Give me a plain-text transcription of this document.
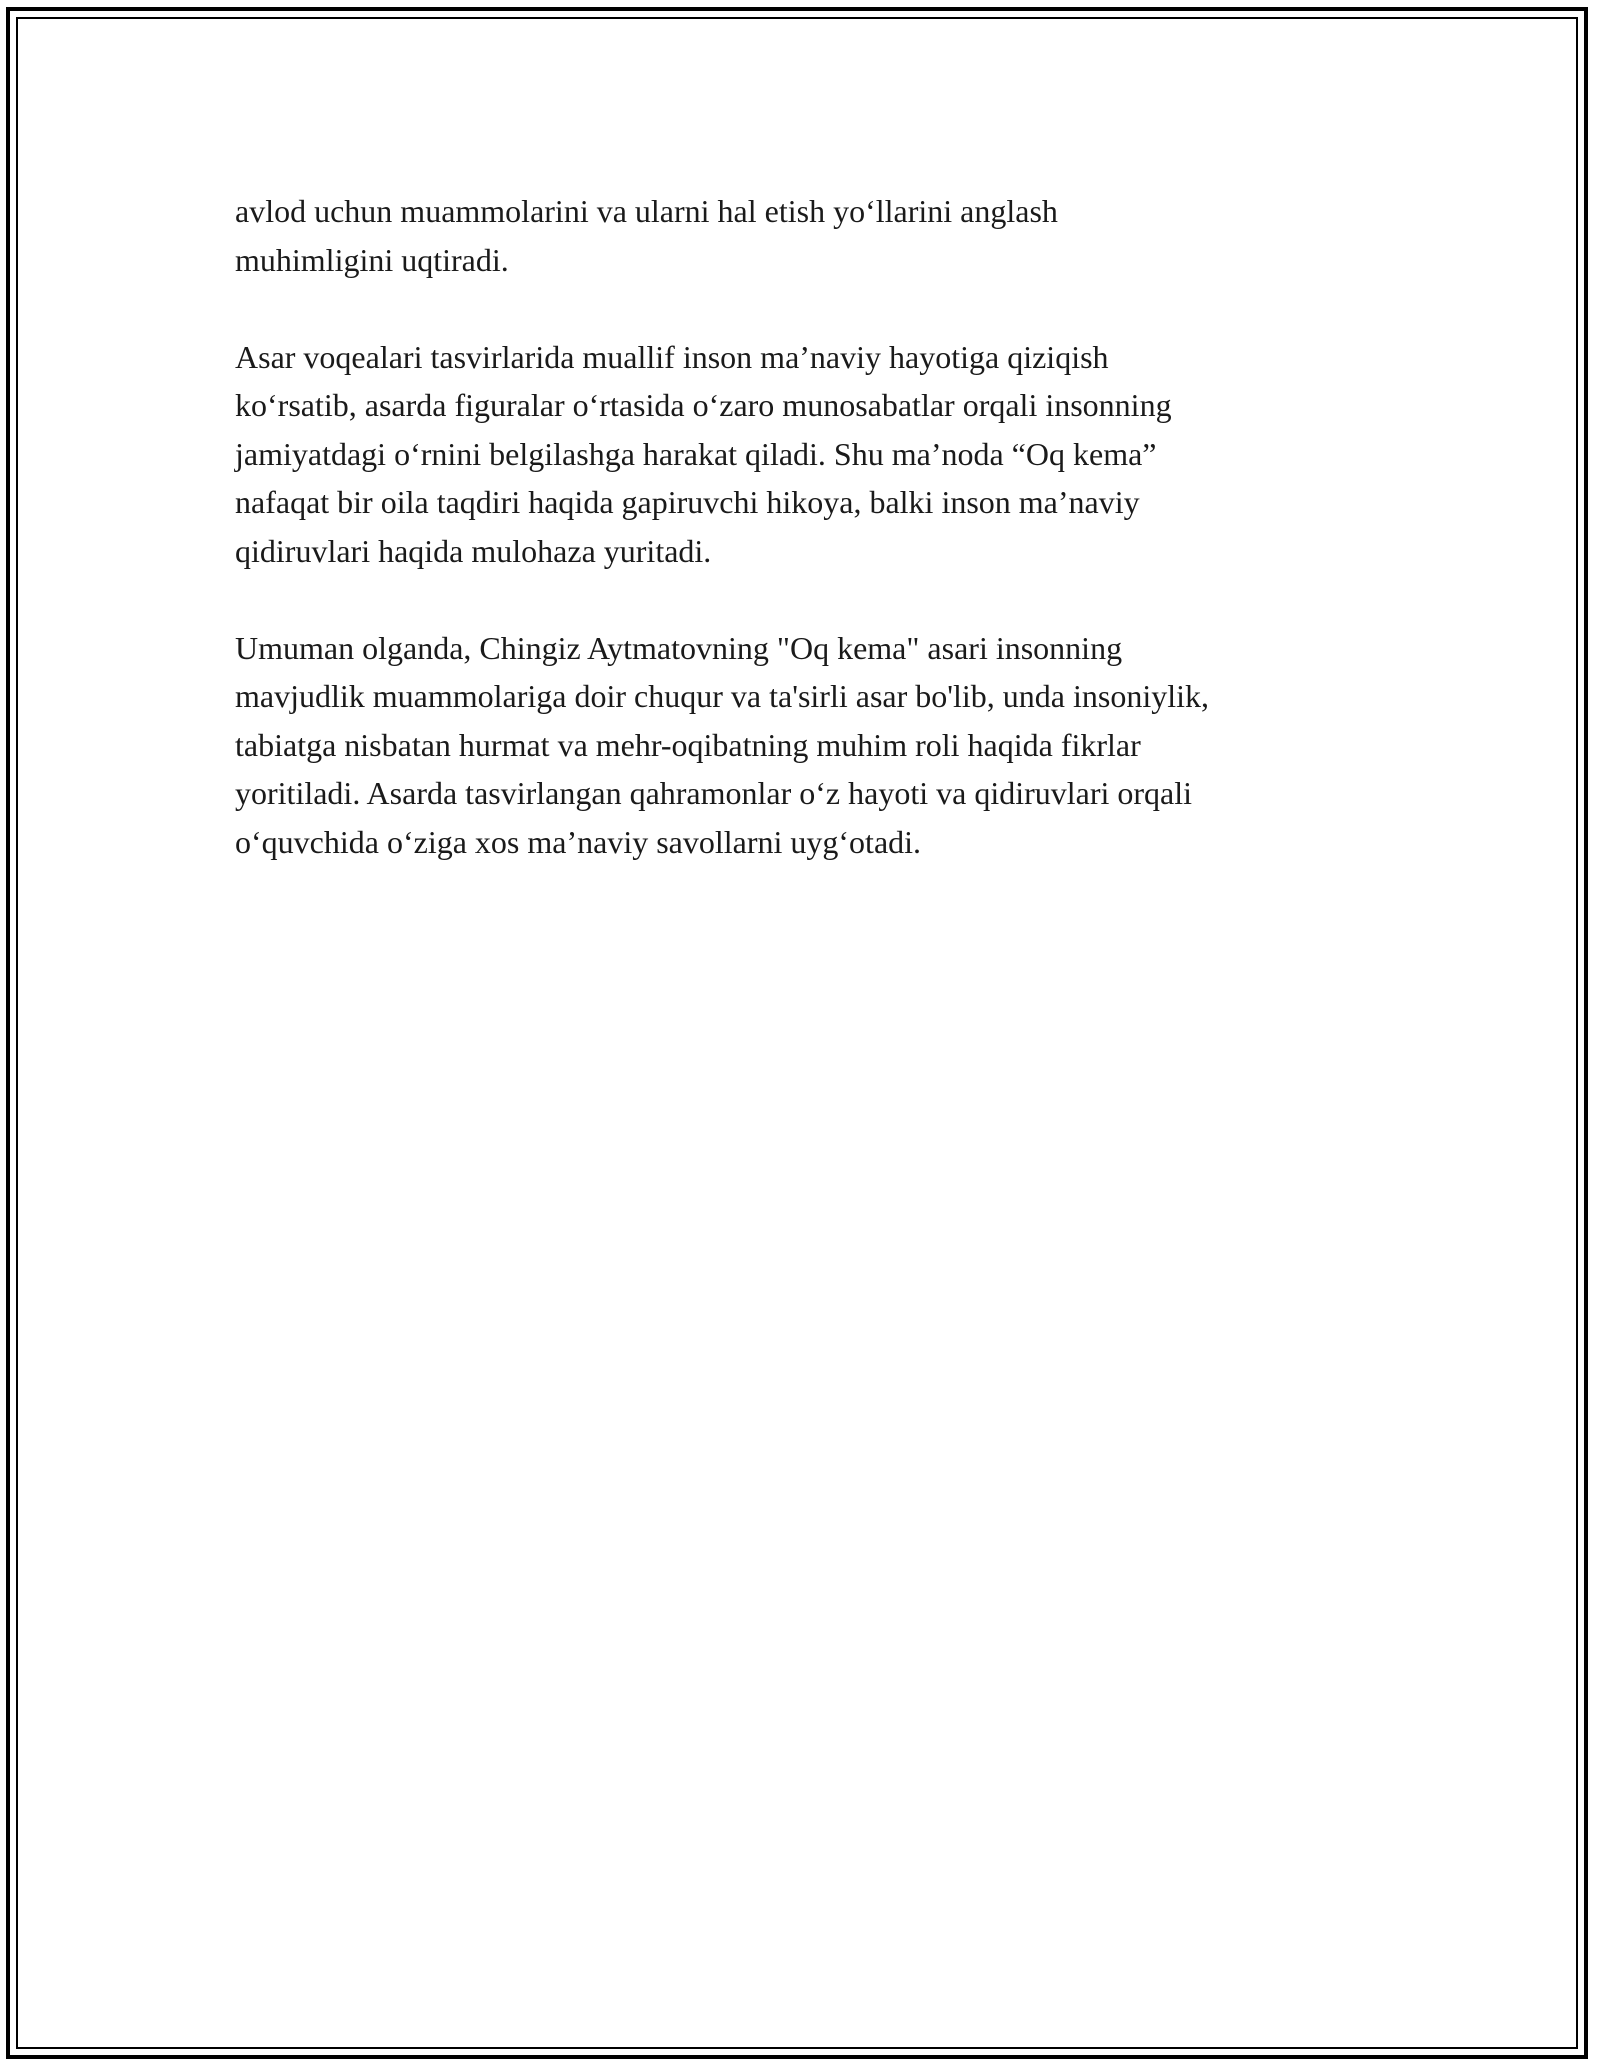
avlod uchun muammolarini va ularni hal etish yo‘llarini anglash
muhimligini uqtiradi.

Asar voqealari tasvirlarida muallif inson ma’naviy hayotiga qiziqish
ko‘rsatib, asarda figuralar o‘rtasida o‘zaro munosabatlar orqali insonning
jamiyatdagi o‘rnini belgilashga harakat qiladi. Shu ma’noda “Oq kema”
nafaqat bir oila taqdiri haqida gapiruvchi hikoya, balki inson ma’naviy
qidiruvlari haqida mulohaza yuritadi.

Umuman olganda, Chingiz Aytmatovning "Oq kema" asari insonning
mavjudlik muammolariga doir chuqur va ta'sirli asar bo'lib, unda insoniylik,
tabiatga nisbatan hurmat va mehr-oqibatning muhim roli haqida fikrlar
yoritiladi. Asarda tasvirlangan qahramonlar o‘z hayoti va qidiruvlari orqali
o‘quvchida o‘ziga xos ma’naviy savollarni uyg‘otadi.
